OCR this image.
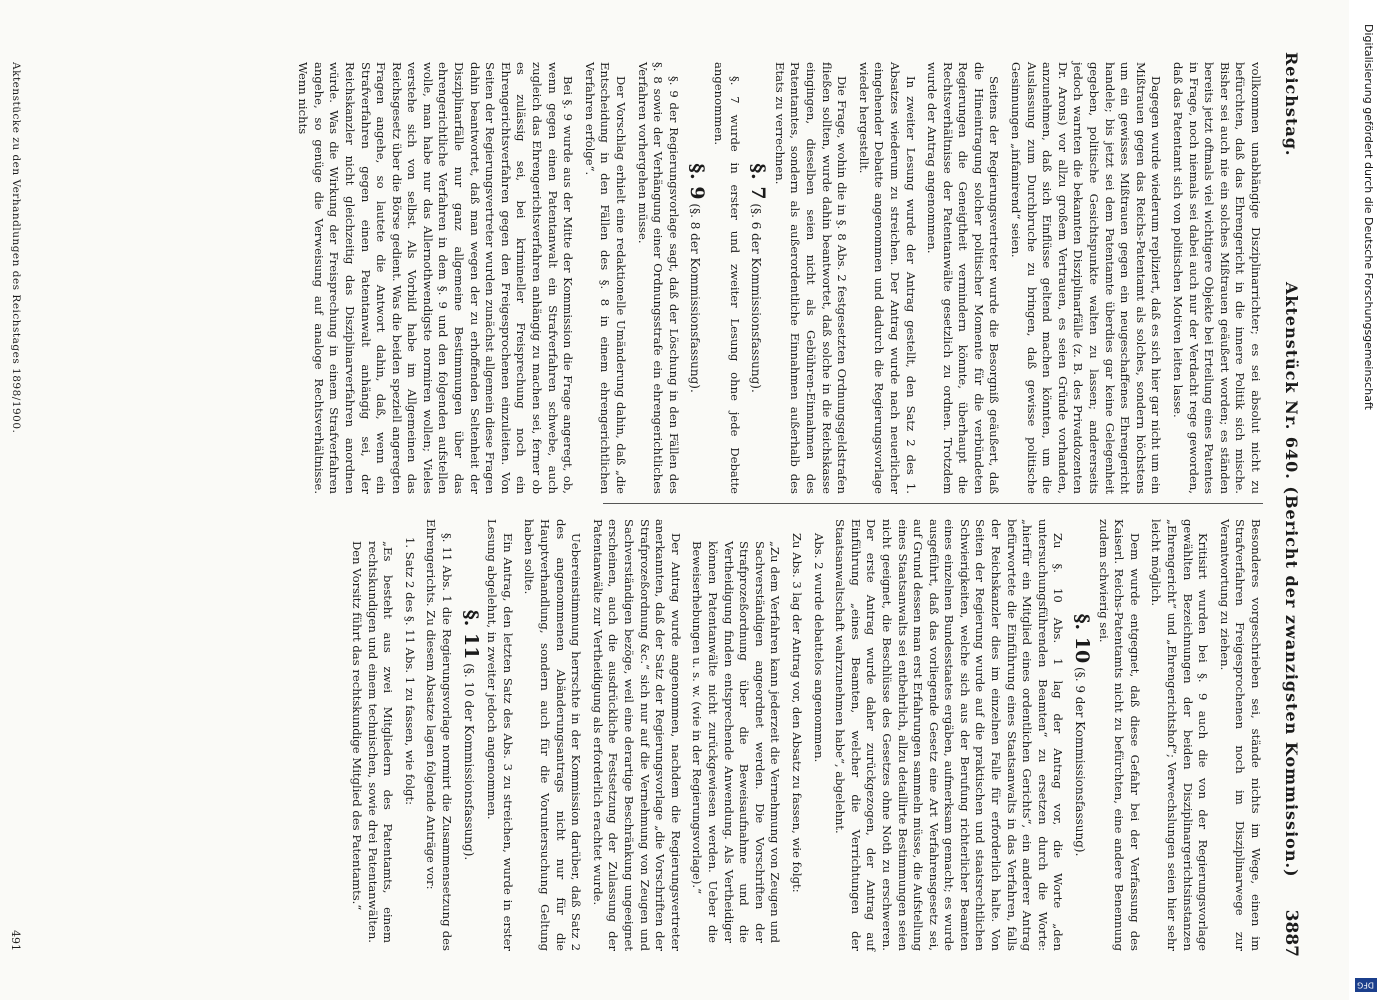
Digitalisierung gefördert durch die Deutsche Forschungsgemeinschaft
DFG
Reichstag.
Aktenstück Nr. 640. (Bericht der zwanzigsten Kommission.)
3887

vollkommen unabhängige Disziplinarrichter; es sei absolut nicht zu befürchten, daß das Ehrengericht in die innere Politik sich mische. Bisher sei auch nie ein solches Mißtrauen geäußert worden; es ständen bereits jetzt oftmals viel wichtigere Objekte bei Erteilung eines Patentes in Frage, noch niemals sei dabei auch nur der Verdacht rege geworden, daß das Patentamt sich von politischen Motiven leiten lasse.

Dagegen wurde wiederum repliziert, daß es sich hier gar nicht um ein Mißtrauen gegen das Reichs-Patentamt als solches, sondern höchstens um ein gewisses Mißtrauen gegen ein neugeschaffenes Ehrengericht handele; bis jetzt sei dem Patentamte überdies gar keine Gelegenheit gegeben, politische Gesichtspunkte walten zu lassen; andererseits jedoch warnten die bekannten Disziplinarfälle (z. B. des Privatdozenten Dr. Arons) vor allzu großem Vertrauen, es seien Gründe vorhanden, anzunehmen, daß sich Einflüsse geltend machen könnten, um die Auslassung zum Durchbruche zu bringen, daß gewisse politische Gesinnungen „infamirend“ seien.

Seitens der Regierungsvertreter wurde die Besorgniß geäußert, daß die Hineintragung solcher politischer Momente für die verbündeten Regierungen die Geneigtheit vermindern könnte, überhaupt die Rechtsverhältnisse der Patentanwälte gesetzlich zu ordnen. Trotzdem wurde der Antrag angenommen.

In zweiter Lesung wurde der Antrag gestellt, den Satz 2 des 1. Absatzes wiederum zu streichen. Der Antrag wurde nach neuerlicher eingehender Debatte angenommen und dadurch die Regierungsvorlage wieder hergestellt.

Die Frage, wohin die in §. 8 Abs. 2 festgesetzten Ordnungsgeldstrafen fließen sollten, wurde dahin beantwortet, daß solche in die Reichskasse eingingen, dieselben seien nicht als Gebühren-Einnahmen des Patentamtes, sondern als außerordentliche Einnahmen außerhalb des Etats zu verrechnen.

§. 7 (§. 6 der Kommissionsfassung).

§. 7 wurde in erster und zweiter Lesung ohne jede Debatte angenommen.

§. 9 (§. 8 der Kommissionsfassung).

§. 9 der Regierungsvorlage sagt, daß der Löschung in den Fällen des §. 8 sowie der Verhängung einer Ordnungsstrafe ein ehrengerichtliches Verfahren vorhergehen müsse.

Der Vorschlag erhielt eine redaktionelle Umänderung dahin, daß „die Entscheidung in den Fällen des §. 8 in einem ehrengerichtlichen Verfahren erfolge“.

Bei §. 9 wurde aus der Mitte der Kommission die Frage angeregt, ob, wenn gegen einen Patentanwalt ein Strafverfahren schwebe, auch zugleich das Ehrengerichtsverfahren anhängig zu machen sei, ferner ob es zulässig sei, bei krimineller Freisprechung noch ein Ehrengerichtsverfahren gegen den Freigesprochenen einzuleiten. Von Seiten der Regierungsvertreter wurden zunächst allgemein diese Fragen dahin beantwortet, daß man wegen der zu erhoffenden Seltenheit der Disziplinarfälle nur ganz allgemeine Bestimmungen über das ehrengerichtliche Verfahren in dem §. 9 und den folgenden aufstellen wolle, man habe nur das Allernothwendigste normiren wollen; Vieles verstehe sich von selbst. Als Vorbild habe im Allgemeinen das Reichsgesetz über die Börse gedient. Was die beiden speziell angeregten Fragen angehe, so lautete die Antwort dahin, daß, wenn ein Strafverfahren gegen einen Patentanwalt anhängig sei, der Reichskanzler nicht gleichzeitig das Disziplinarverfahren anordnen würde. Was die Wirkung der Freisprechung in einem Strafverfahren angehe, so genüge die Verweisung auf analoge Rechtsverhältnisse. Wenn nichts

Besonderes vorgeschrieben sei, stände nichts im Wege, einen im Strafverfahren Freigesprochenen noch im Disziplinarwege zur Verantwortung zu ziehen.

Kritisirt wurden bei §. 9 auch die von der Regierungsvorlage gewählten Bezeichnungen der beiden Disziplinargerichtsinstanzen „Ehrengericht“ und „Ehrengerichtshof“; Verwechslungen seien hier sehr leicht möglich.

Dem wurde entgegnet, daß diese Gefahr bei der Verfassung des Kaiserl. Reichs-Patentamts nicht zu befürchten, eine andere Benennung zudem schwierig sei.

§. 10 (§. 9 der Kommissionsfassung).

Zu §. 10 Abs. 1 lag der Antrag vor, die Worte „den untersuchungsführenden Beamten“ zu ersetzen durch die Worte: „hierfür ein Mitglied eines ordentlichen Gerichts“, ein anderer Antrag befürwortete die Einführung eines Staatsanwalts in das Verfahren, falls der Reichskanzler dies im einzelnen Falle für erforderlich halte. Von Seiten der Regierung wurde auf die praktischen und staatsrechtlichen Schwierigkeiten, welche sich aus der Berufung richterlicher Beamten eines einzelnen Bundesstaates ergäben, aufmerksam gemacht; es wurde ausgeführt, daß das vorliegende Gesetz eine Art Verfahrensgesetz sei, auf Grund dessen man erst Erfahrungen sammeln müsse, die Aufstellung eines Staatsanwalts sei entbehrlich, allzu detaillirte Bestimmungen seien nicht geeignet, die Beschlüsse des Gesetzes ohne Noth zu erschweren. Der erste Antrag wurde daher zurückgezogen, der Antrag auf Einführung „eines Beamten, welcher die Verrichtungen der Staatsanwaltschaft wahrzunehmen habe“, abgelehnt.

Abs. 2 wurde debattelos angenommen.

Zu Abs. 3 lag der Antrag vor, den Absatz zu fassen, wie folgt:

„Zu dem Verfahren kann jederzeit die Vernehmung von Zeugen und Sachverständigen angeordnet werden. Die Vorschriften der Strafprozeßordnung über die Beweisaufnahme und die Vertheidigung finden entsprechende Anwendung. Als Vertheidiger können Patentanwälte nicht zurückgewiesen werden. Ueber die Beweiserhebungen u. s. w. (wie in der Regierungsvorlage).“

Der Antrag wurde angenommen, nachdem die Regierungsvertreter anerkannten, daß der Satz der Regierungsvorlage „die Vorschriften der Strafprozeßordnung &c.“ sich nur auf die Vernehmung von Zeugen und Sachverständigen bezöge, weil eine derartige Beschränkung ungeeignet erscheinen, auch die ausdrückliche Festsetzung der Zulassung der Patentanwälte zur Vertheidigung als erforderlich erachtet wurde.

Uebereinstimmung herrschte in der Kommission darüber, daß Satz 2 des angenommenen Abänderungsantrags nicht nur für die Hauptverhandlung, sondern auch für die Voruntersuchung Geltung haben sollte.

Ein Antrag, den letzten Satz des Abs. 3 zu streichen, wurde in erster Lesung abgelehnt, in zweiter jedoch angenommen.

§. 11 (§. 10 der Kommissionsfassung).

§. 11 Abs. 1 die Regierungsvorlage normirt die Zusammensetzung des Ehrengerichts. Zu diesem Absatze lagen folgende Anträge vor:

1. Satz 2 des §. 11 Abs. 1 zu fassen, wie folgt:

„Es besteht aus zwei Mitgliedern des Patentamts, einem rechtskundigen und einem technischen, sowie drei Patentanwälten. Den Vorsitz führt das rechtskundige Mitglied des Patentamts.“

Aktenstücke zu den Verhandlungen des Reichstages 1898/1900.
491
